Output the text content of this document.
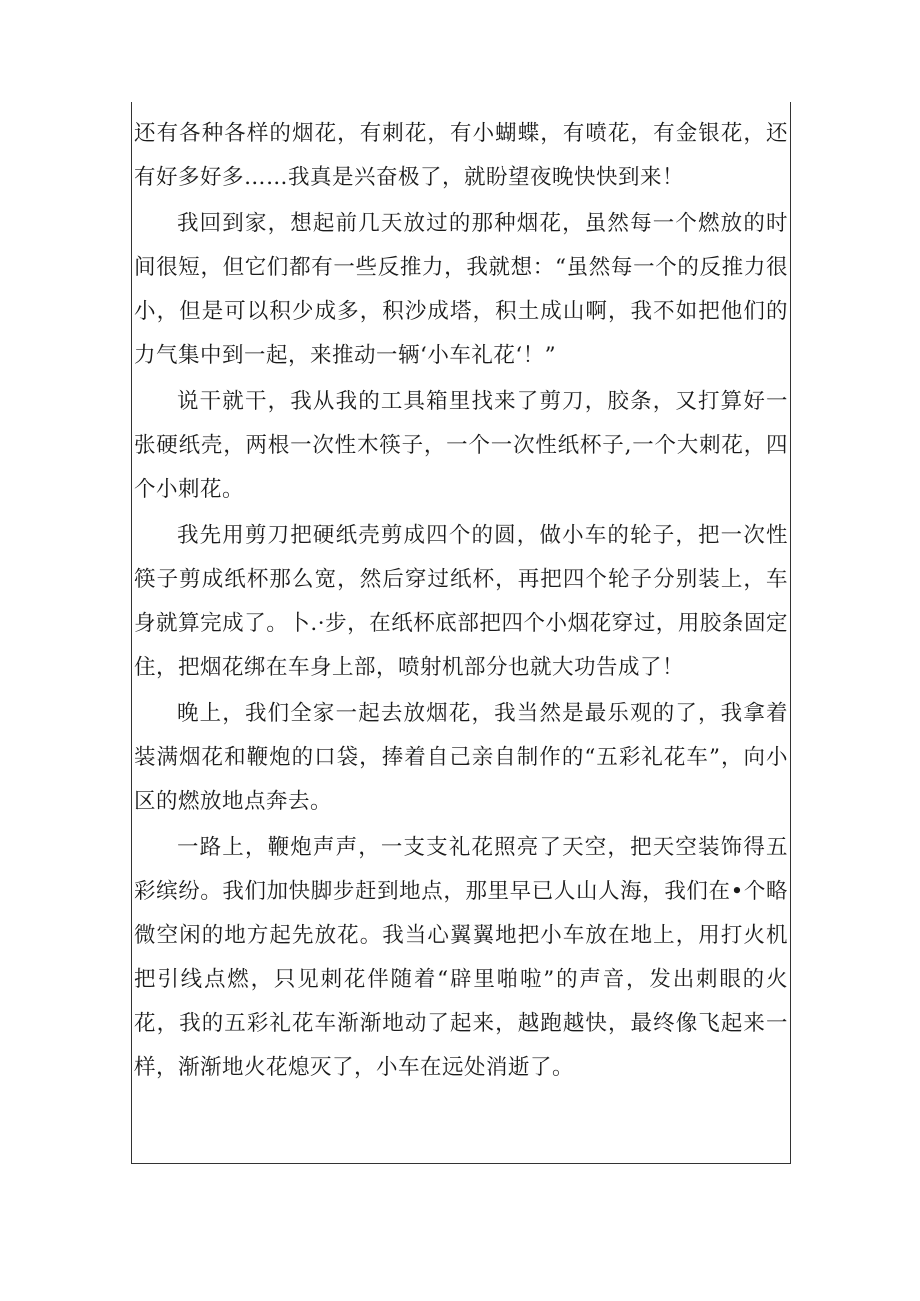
还有各种各样的烟花，有刺花，有小蝴蝶，有喷花，有金银花，还有好多好多……我真是兴奋极了，就盼望夜晚快快到来！

我回到家，想起前几天放过的那种烟花，虽然每一个燃放的时间很短，但它们都有一些反推力，我就想：“虽然每一个的反推力很小，但是可以积少成多，积沙成塔，积土成山啊，我不如把他们的力气集中到一起，来推动一辆‘小车礼花‘！”

说干就干，我从我的工具箱里找来了剪刀，胶条，又打算好一张硬纸壳，两根一次性木筷子，一个一次性纸杯子,一个大刺花，四个小刺花。

我先用剪刀把硬纸壳剪成四个的圆，做小车的轮子，把一次性筷子剪成纸杯那么宽，然后穿过纸杯，再把四个轮子分别装上，车身就算完成了。卜.·步，在纸杯底部把四个小烟花穿过，用胶条固定住，把烟花绑在车身上部，喷射机部分也就大功告成了！

晚上，我们全家一起去放烟花，我当然是最乐观的了，我拿着装满烟花和鞭炮的口袋，捧着自己亲自制作的“五彩礼花车”，向小区的燃放地点奔去。

一路上，鞭炮声声，一支支礼花照亮了天空，把天空装饰得五彩缤纷。我们加快脚步赶到地点，那里早已人山人海，我们在•个略微空闲的地方起先放花。我当心翼翼地把小车放在地上，用打火机把引线点燃，只见刺花伴随着“辟里啪啦”的声音，发出刺眼的火花，我的五彩礼花车渐渐地动了起来，越跑越快，最终像飞起来一样，渐渐地火花熄灭了，小车在远处消逝了。
